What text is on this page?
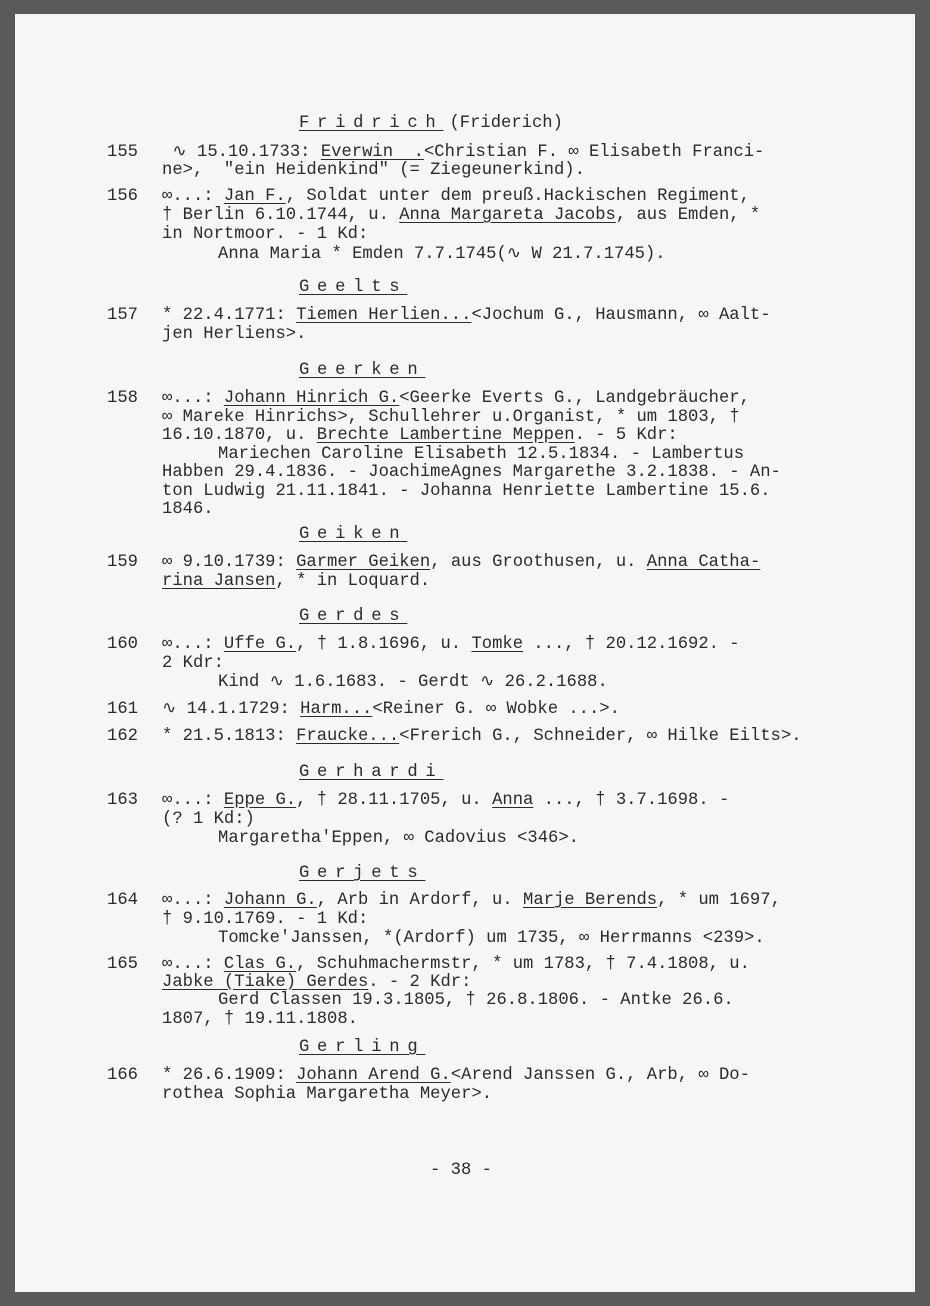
Fridrich (Friderich)
155 ∿ 15.10.1733: Everwin  .<Christian F. ∞ Elisabeth Franci-
ne>,  "ein Heidenkind" (= Ziegeunerkind).
156 ∞...: Jan F., Soldat unter dem preuß.Hackischen Regiment,
† Berlin 6.10.1744, u. Anna Margareta Jacobs, aus Emden, *
in Nortmoor. - 1 Kd:
Anna Maria * Emden 7.7.1745(∿ W 21.7.1745).
Geelts
157 * 22.4.1771: Tiemen Herlien...<Jochum G., Hausmann, ∞ Aalt-
jen Herliens>.
Geerken
158 ∞...: Johann Hinrich G.<Geerke Everts G., Landgebräucher,
∞ Mareke Hinrichs>, Schullehrer u.Organist, * um 1803, †
16.10.1870, u. Brechte Lambertine Meppen. - 5 Kdr:
Mariechen Caroline Elisabeth 12.5.1834. - Lambertus
Habben 29.4.1836. - JoachimeAgnes Margarethe 3.2.1838. - An-
ton Ludwig 21.11.1841. - Johanna Henriette Lambertine 15.6.
1846.
Geiken
159 ∞ 9.10.1739: Garmer Geiken, aus Groothusen, u. Anna Catha-
rina Jansen, * in Loquard.
Gerdes
160 ∞...: Uffe G., † 1.8.1696, u. Tomke ..., † 20.12.1692. -
2 Kdr:
Kind ∿ 1.6.1683. - Gerdt ∿ 26.2.1688.
161 ∿ 14.1.1729: Harm...<Reiner G. ∞ Wobke ...>.
162 * 21.5.1813: Fraucke...<Frerich G., Schneider, ∞ Hilke Eilts>.
Gerhardi
163 ∞...: Eppe G., † 28.11.1705, u. Anna ..., † 3.7.1698. -
(? 1 Kd:)
Margaretha'Eppen, ∞ Cadovius <346>.
Gerjets
164 ∞...: Johann G., Arb in Ardorf, u. Marje Berends, * um 1697,
† 9.10.1769. - 1 Kd:
Tomcke'Janssen, *(Ardorf) um 1735, ∞ Herrmanns <239>.
165 ∞...: Clas G., Schuhmachermstr, * um 1783, † 7.4.1808, u.
Jabke (Tiake) Gerdes. - 2 Kdr:
Gerd Classen 19.3.1805, † 26.8.1806. - Antke 26.6.
1807, † 19.11.1808.
Gerling
166 * 26.6.1909: Johann Arend G.<Arend Janssen G., Arb, ∞ Do-
rothea Sophia Margaretha Meyer>.
- 38 -
